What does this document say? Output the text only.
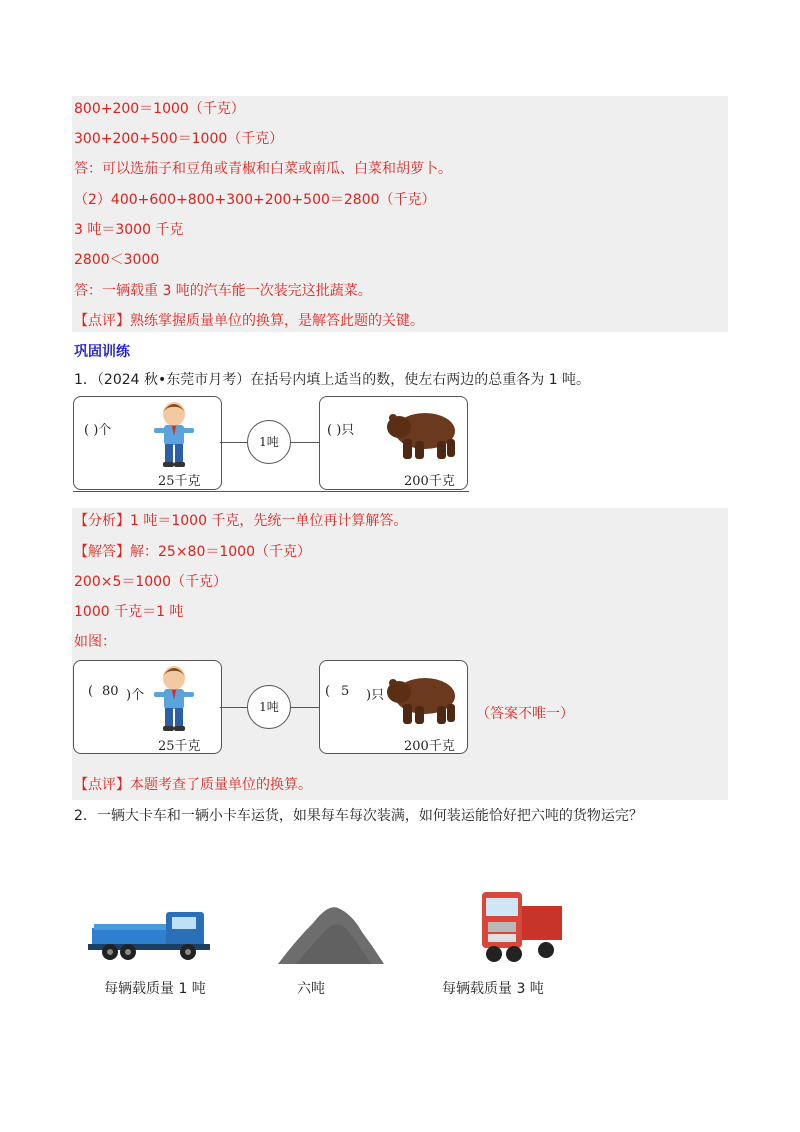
800+200＝1000（千克）
300+200+500＝1000（千克）
答：可以选茄子和豆角或青椒和白菜或南瓜、白菜和胡萝卜。
（2）400+600+800+300+200+500＝2800（千克）
3 吨＝3000 千克
2800＜3000
答：一辆载重 3 吨的汽车能一次装完这批蔬菜。
【点评】熟练掌握质量单位的换算，是解答此题的关键。
巩固训练
1．（2024 秋•东莞市月考）在括号内填上适当的数，使左右两边的总重各为 1 吨。
1吨
( )个
25千克
( )只
200千克
【分析】1 吨＝1000 千克，先统一单位再计算解答。
【解答】解：25×80＝1000（千克）
200×5＝1000（千克）
1000 千克＝1 吨
如图：
1吨
( 80 )个
25千克
( 5 )只
200千克
（答案不唯一）
【点评】本题考查了质量单位的换算。
2．一辆大卡车和一辆小卡车运货，如果每车每次装满，如何装运能恰好把六吨的货物运完？
每辆载质量 1 吨	六吨	每辆载质量 3 吨
